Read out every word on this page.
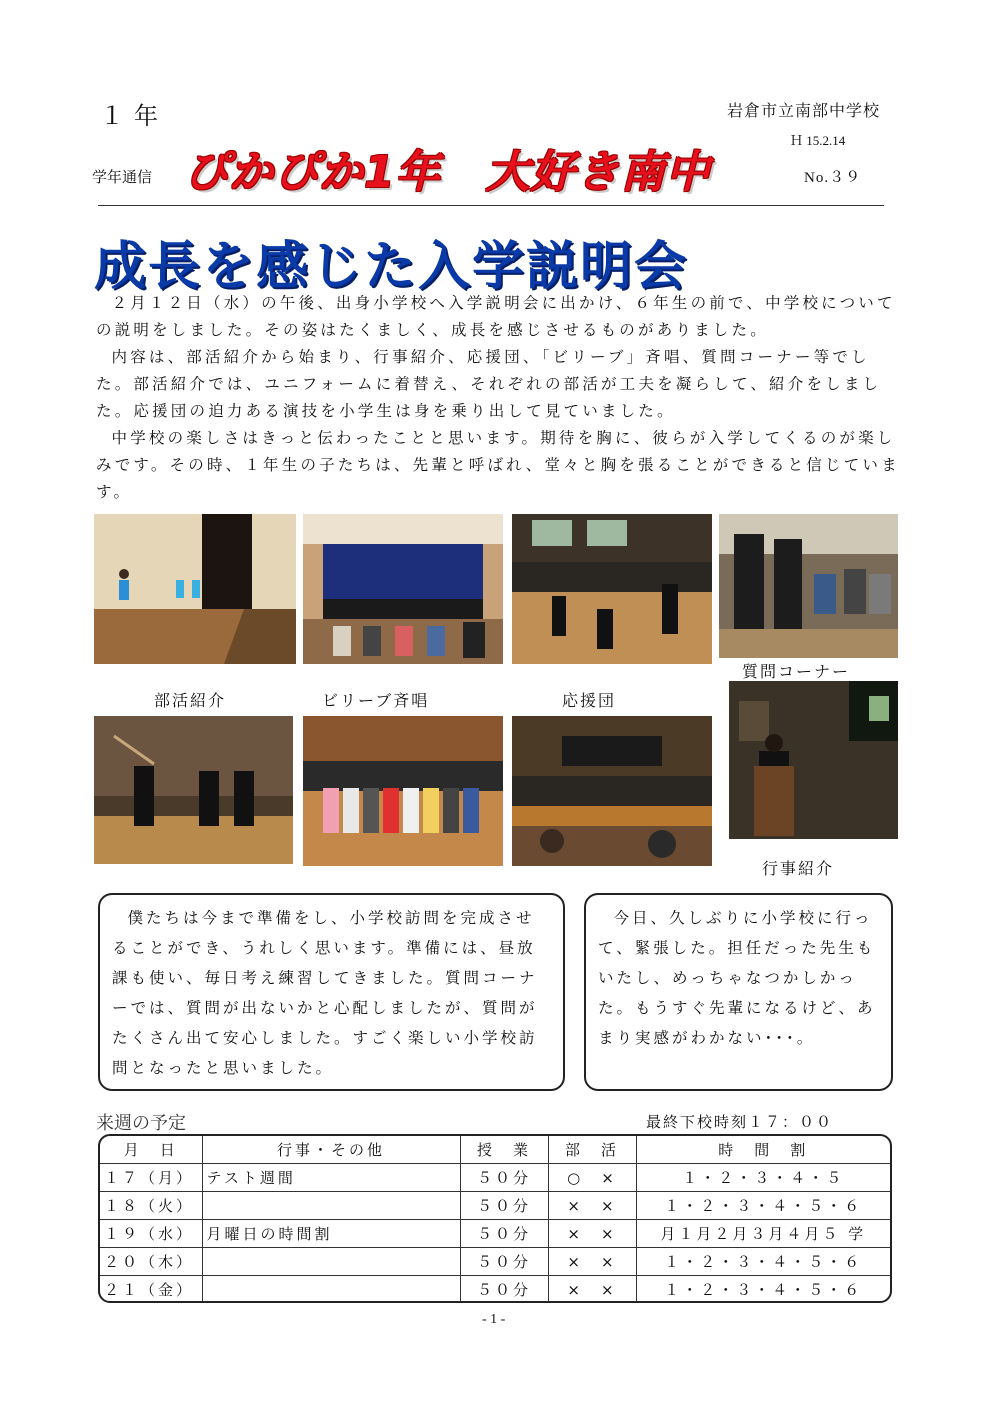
１年	岩倉市立南部中学校
Ｈ 15.2.14
学年通信 ぴかぴか1年　大好き南中	No.３９
成長を感じた入学説明会

２月１２日（水）の午後、出身小学校へ入学説明会に出かけ、６年生の前で、中学校についての説明をしました。その姿はたくましく、成長を感じさせるものがありました。

内容は、部活紹介から始まり、行事紹介、応援団、「ビリーブ」斉唱、質問コーナー等でした。部活紹介では、ユニフォームに着替え、それぞれの部活が工夫を凝らして、紹介をしました。応援団の迫力ある演技を小学生は身を乗り出して見ていました。

中学校の楽しさはきっと伝わったことと思います。期待を胸に、彼らが入学してくるのが楽しみです。その時、１年生の子たちは、先輩と呼ばれ、堂々と胸を張ることができると信じています。

質問コーナー
部活紹介	ビリーブ斉唱	応援団
行事紹介

僕たちは今まで準備をし、小学校訪問を完成させることができ、うれしく思います。準備には、昼放課も使い、毎日考え練習してきました。質問コーナーでは、質問が出ないかと心配しましたが、質問がたくさん出て安心しました。すごく楽しい小学校訪問となったと思いました。

今日、久しぶりに小学校に行って、緊張した。担任だった先生もいたし、めっちゃなつかしかった。もうすぐ先輩になるけど、あまり実感がわかない･･･。

来週の予定	最終下校時刻１７：００
月　日	行事・その他	授　業	部　活	時　間　割
１７（月）	テスト週間	５０分	○　×	１・２・３・４・５
１８（火）		５０分	×　×	１・２・３・４・５・６
１９（水）	月曜日の時間割	５０分	×　×	月１月２月３月４月５ 学
２０（木）		５０分	×　×	１・２・３・４・５・６
２１（金）		５０分	×　×	１・２・３・４・５・６
- 1 -
